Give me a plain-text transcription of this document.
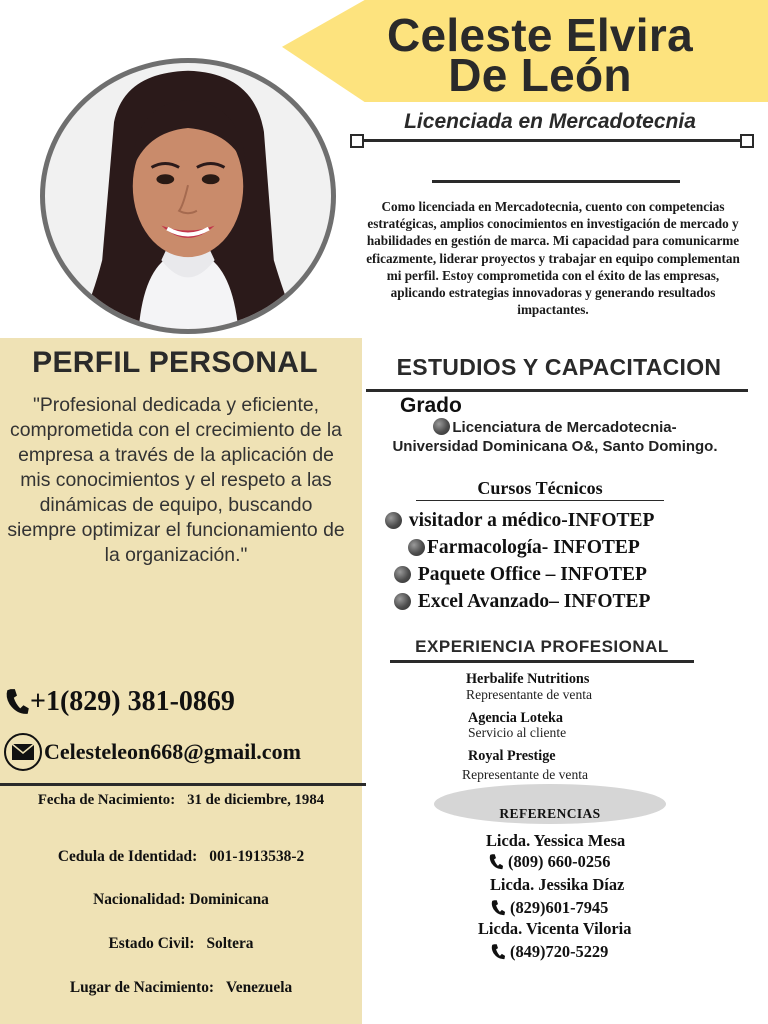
Celeste Elvira
De León
Licenciada en Mercadotecnia
Como licenciada en Mercadotecnia, cuento con competencias estratégicas, amplios conocimientos en investigación de mercado y habilidades en gestión de marca. Mi capacidad para comunicarme eficazmente, liderar proyectos y trabajar en equipo complementan mi perfil. Estoy comprometida con el éxito de las empresas, aplicando estrategias innovadoras y generando resultados impactantes.
PERFIL PERSONAL
"Profesional dedicada y eficiente, comprometida con el crecimiento de la empresa a través de la aplicación de mis conocimientos y el respeto a las dinámicas de equipo, buscando siempre optimizar el funcionamiento de la organización."
+1(829) 381-0869
Celesteleon668@gmail.com
Fecha de Nacimiento: 31 de diciembre, 1984
Cedula de Identidad: 001-1913538-2
Nacionalidad: Dominicana
Estado Civil: Soltera
Lugar de Nacimiento: Venezuela
ESTUDIOS Y CAPACITACION
Grado
Licenciatura de Mercadotecnia-
Universidad Dominicana O&, Santo Domingo.
Cursos Técnicos
visitador a médico-INFOTEP
Farmacología- INFOTEP
Paquete Office – INFOTEP
Excel Avanzado– INFOTEP
EXPERIENCIA PROFESIONAL
Herbalife Nutritions
Representante de venta
Agencia Loteka
Servicio al cliente
Royal Prestige
Representante de venta
REFERENCIAS
Licda. Yessica Mesa
(809) 660-0256
Licda. Jessika Díaz
(829)601-7945
Licda. Vicenta Viloria
(849)720-5229
